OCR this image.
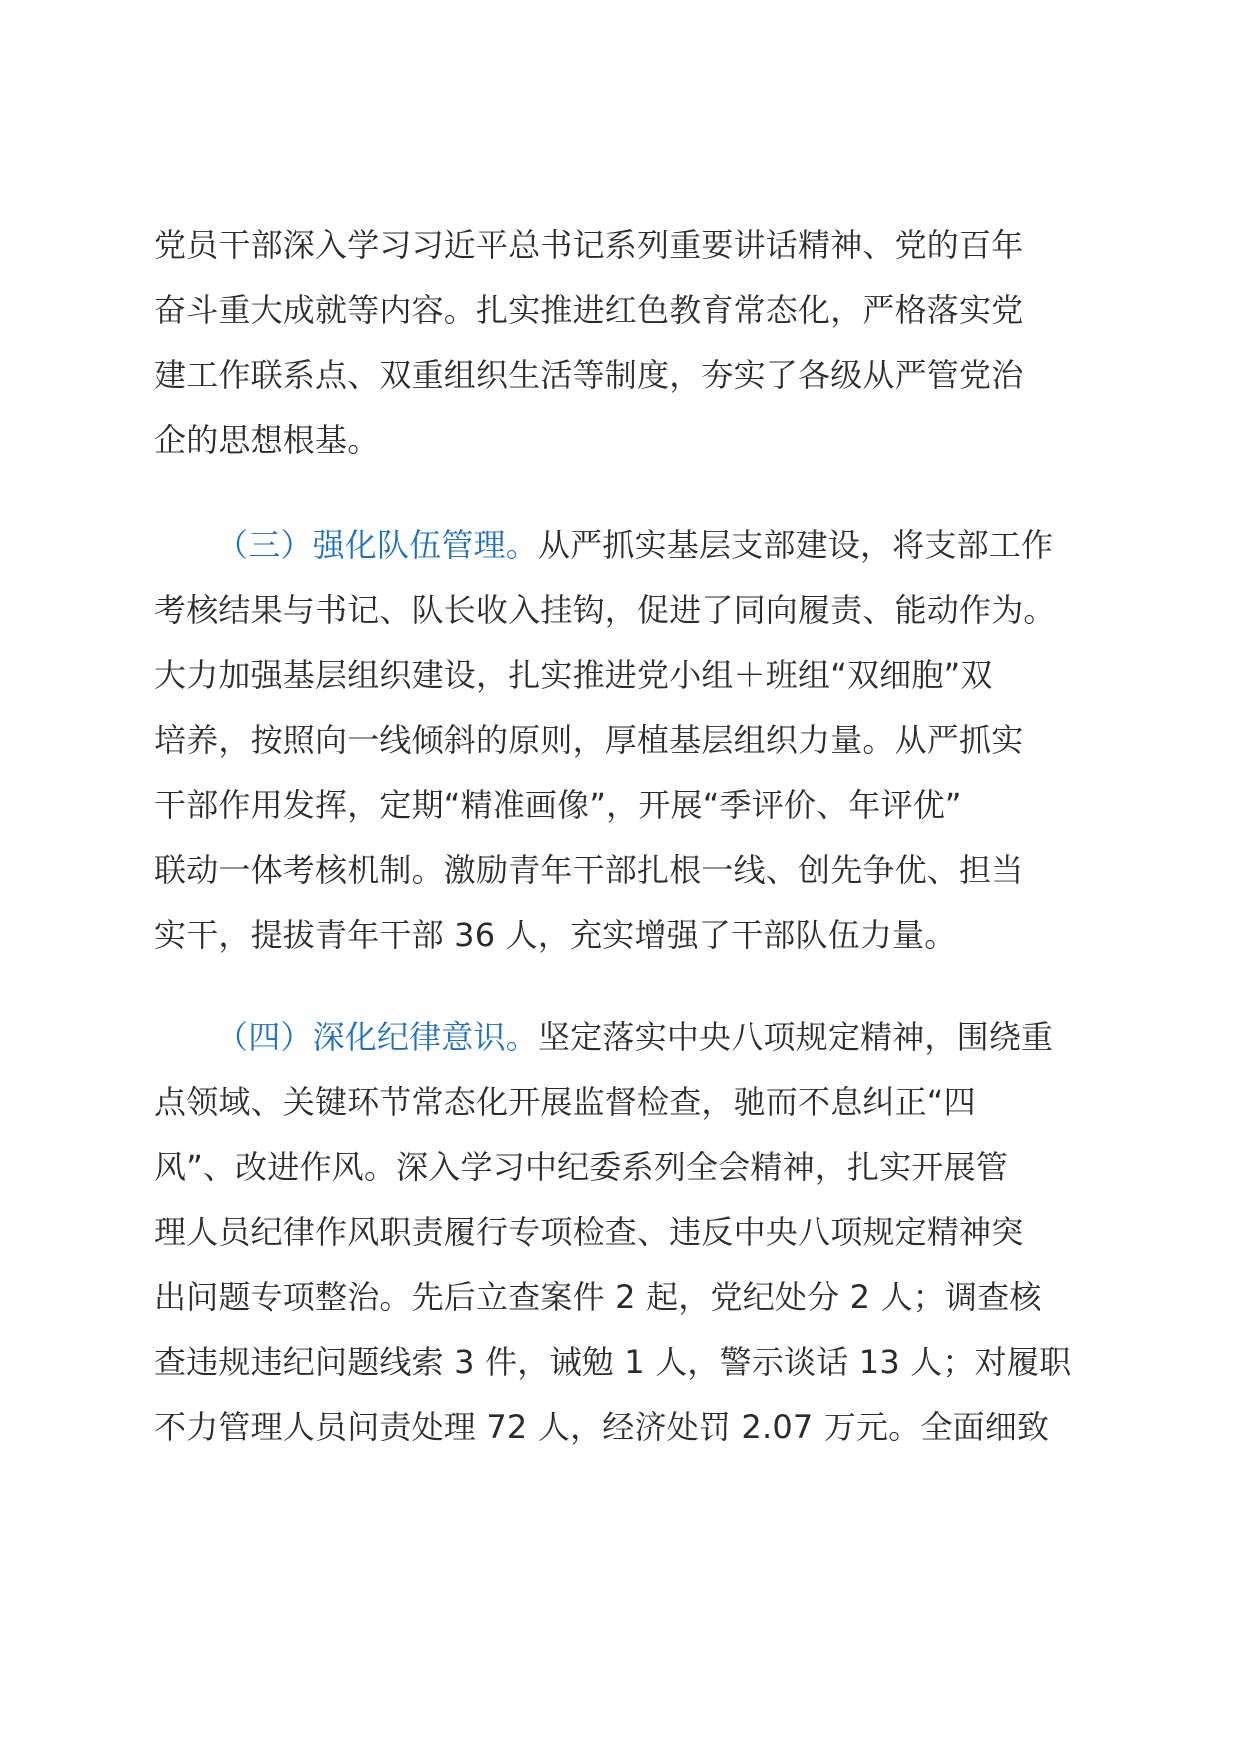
党员干部深入学习习近平总书记系列重要讲话精神、党的百年
奋斗重大成就等内容。扎实推进红色教育常态化，严格落实党
建工作联系点、双重组织生活等制度，夯实了各级从严管党治
企的思想根基。
（三）强化队伍管理。从严抓实基层支部建设，将支部工作
考核结果与书记、队长收入挂钩，促进了同向履责、能动作为。
大力加强基层组织建设，扎实推进党小组＋班组“双细胞”双
培养，按照向一线倾斜的原则，厚植基层组织力量。从严抓实
干部作用发挥，定期“精准画像”，开展“季评价、年评优”
联动一体考核机制。激励青年干部扎根一线、创先争优、担当
实干，提拔青年干部 36 人，充实增强了干部队伍力量。
（四）深化纪律意识。坚定落实中央八项规定精神，围绕重
点领域、关键环节常态化开展监督检查，驰而不息纠正“四
风”、改进作风。深入学习中纪委系列全会精神，扎实开展管
理人员纪律作风职责履行专项检查、违反中央八项规定精神突
出问题专项整治。先后立查案件 2 起，党纪处分 2 人；调查核
查违规违纪问题线索 3 件，诫勉 1 人，警示谈话 13 人；对履职
不力管理人员问责处理 72 人，经济处罚 2.07 万元。全面细致
